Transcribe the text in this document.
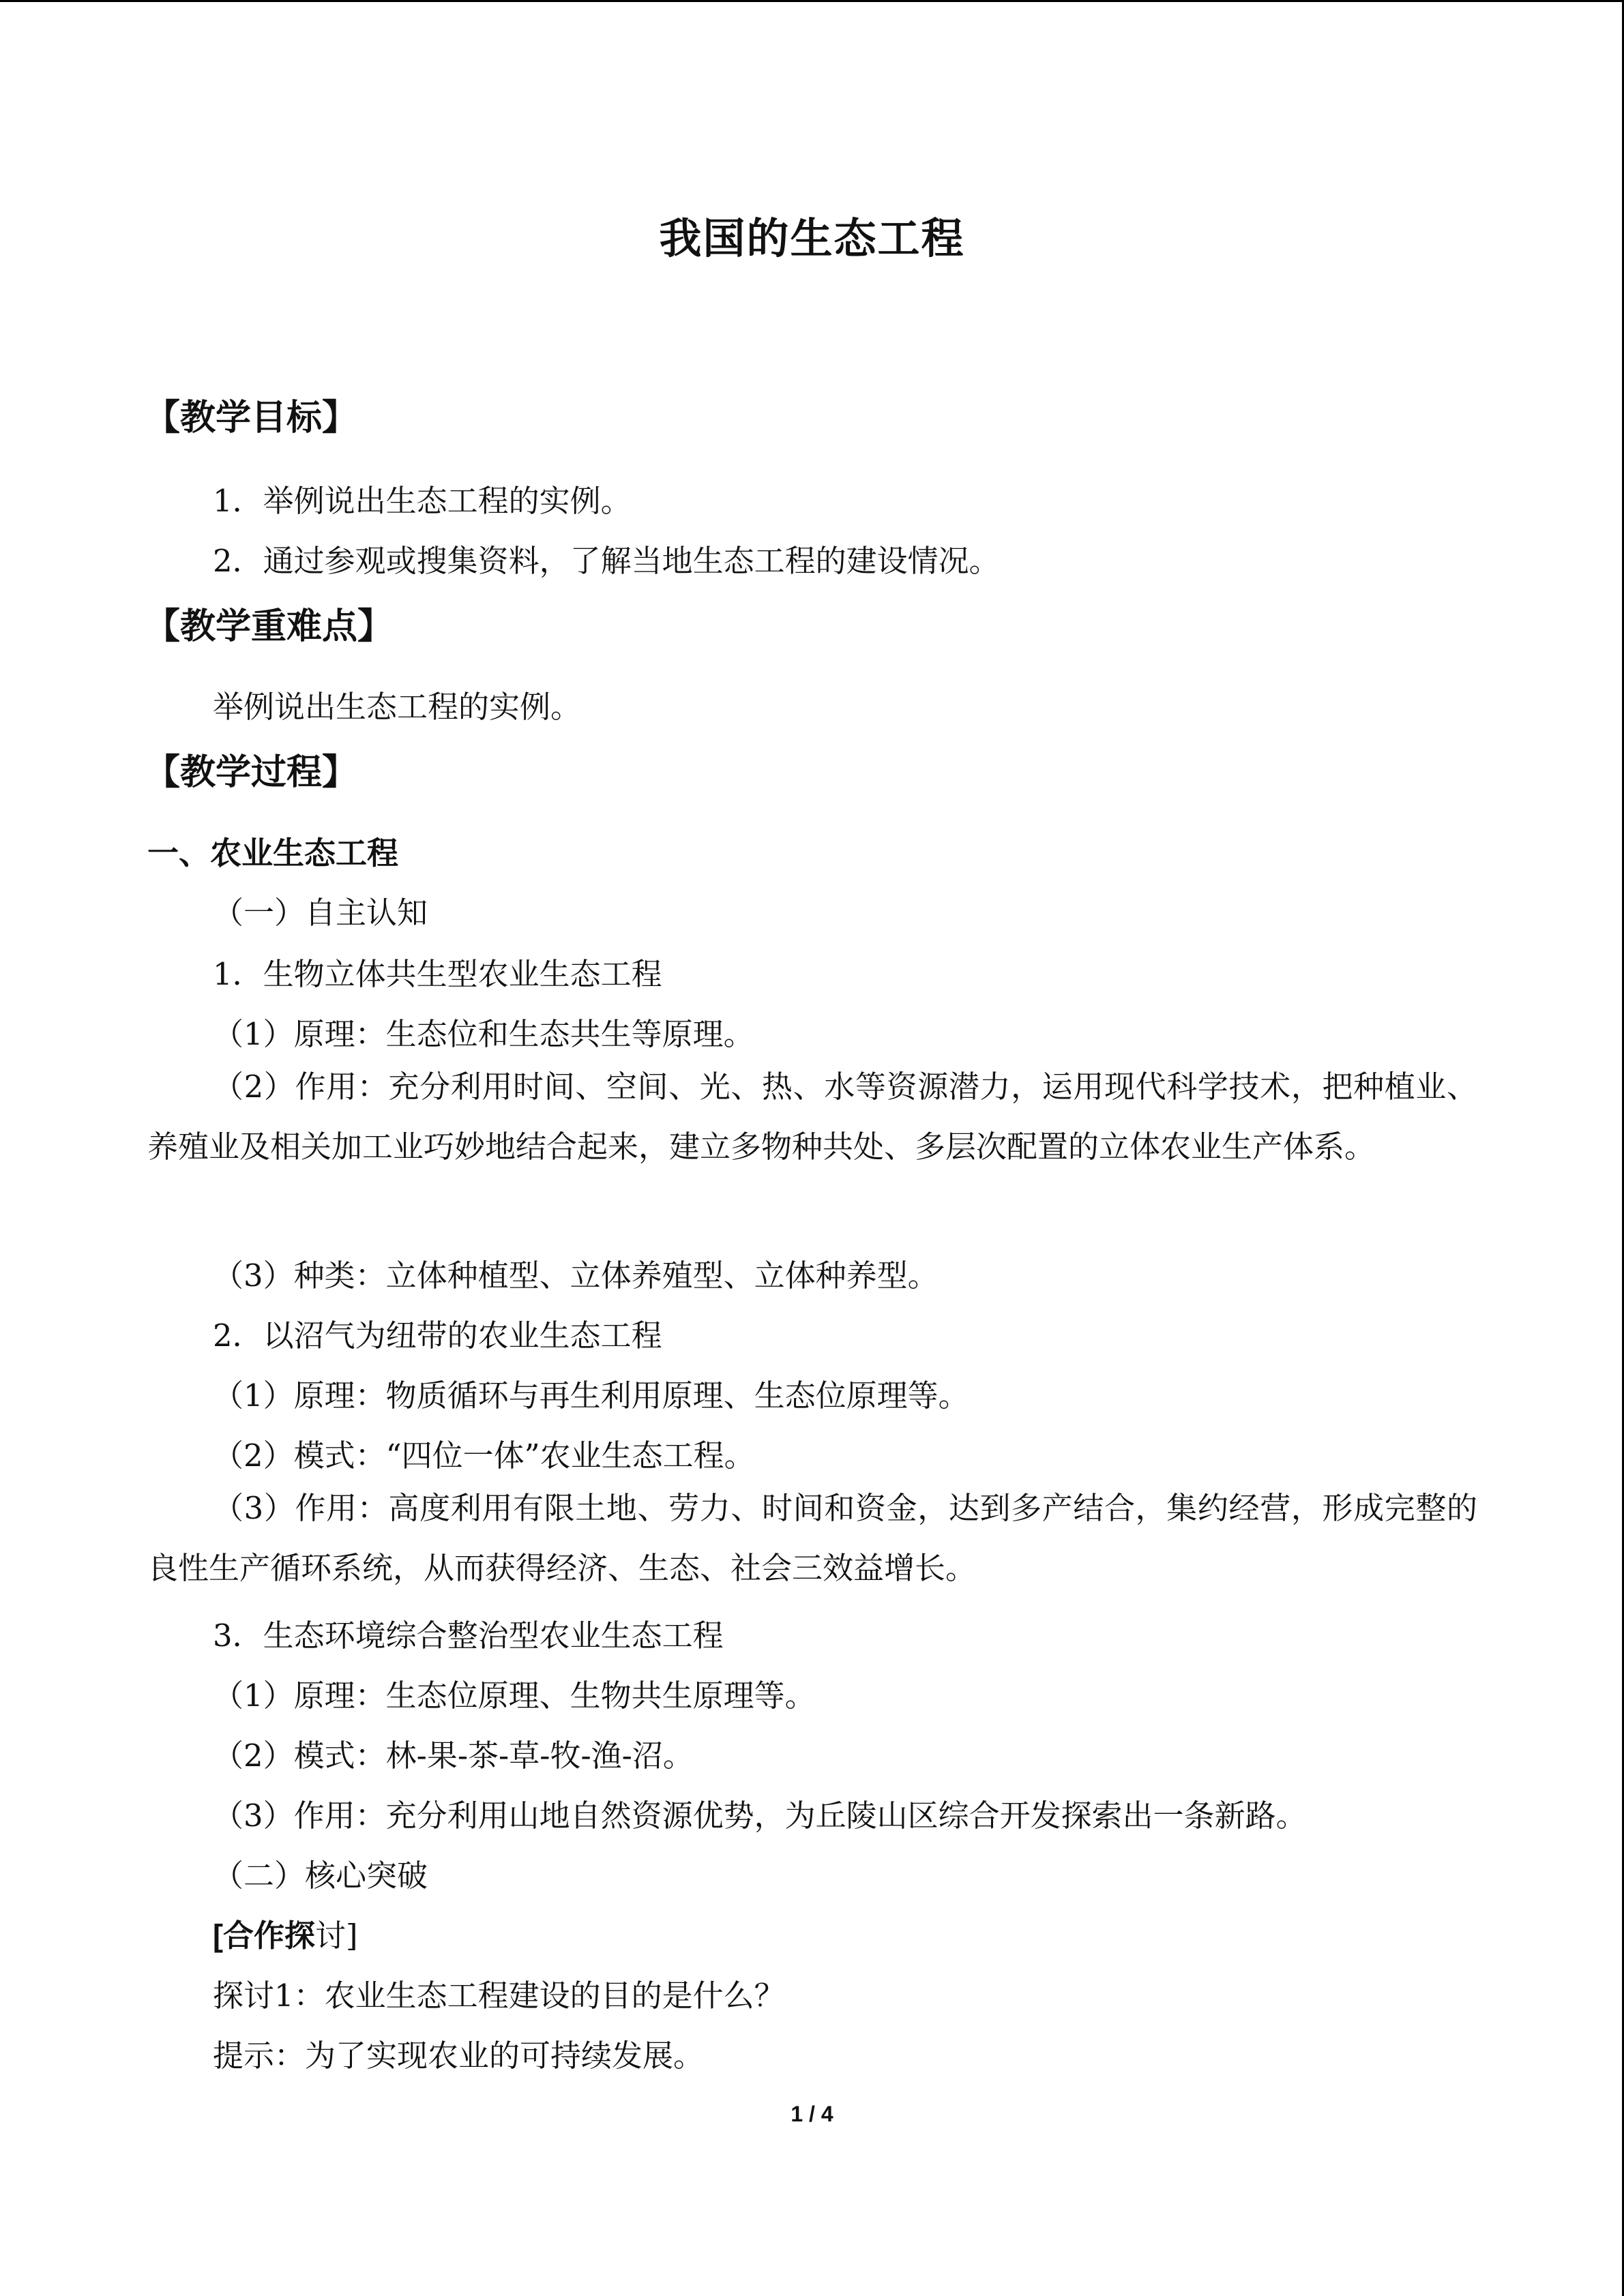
我国的生态工程
【教学目标】
1．举例说出生态工程的实例。
2．通过参观或搜集资料，了解当地生态工程的建设情况。
【教学重难点】
举例说出生态工程的实例。
【教学过程】
一、农业生态工程
（一）自主认知
1．生物立体共生型农业生态工程
（1）原理：生态位和生态共生等原理。
（2）作用：充分利用时间、空间、光、热、水等资源潜力，运用现代科学技术，把种植业、养殖业及相关加工业巧妙地结合起来，建立多物种共处、多层次配置的立体农业生产体系。
（3）种类：立体种植型、立体养殖型、立体种养型。
2．以沼气为纽带的农业生态工程
（1）原理：物质循环与再生利用原理、生态位原理等。
（2）模式：“四位一体”农业生态工程。
（3）作用：高度利用有限土地、劳力、时间和资金，达到多产结合，集约经营，形成完整的良性生产循环系统，从而获得经济、生态、社会三效益增长。
3．生态环境综合整治型农业生态工程
（1）原理：生态位原理、生物共生原理等。
（2）模式：林-果-茶-草-牧-渔-沼。
（3）作用：充分利用山地自然资源优势，为丘陵山区综合开发探索出一条新路。
（二）核心突破
[合作探讨]
探讨1：农业生态工程建设的目的是什么？
提示：为了实现农业的可持续发展。
1 / 4
